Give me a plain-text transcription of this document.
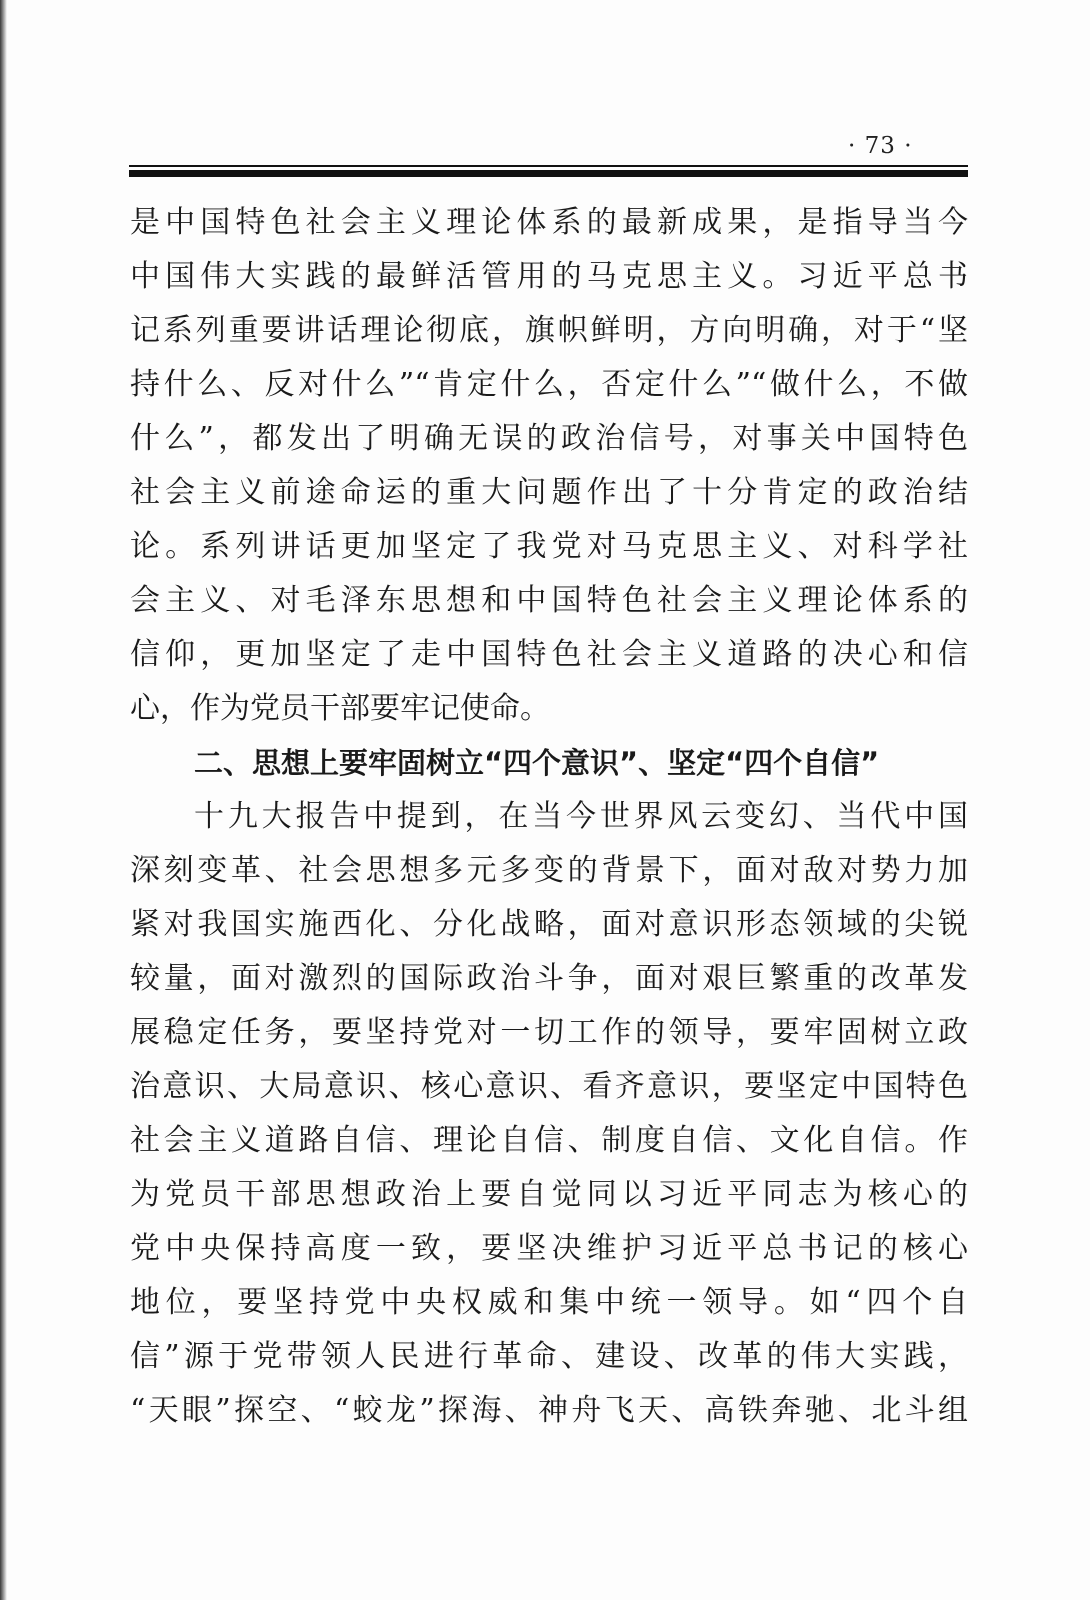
· 73 ·
是中国特色社会主义理论体系的最新成果，是指导当今
中国伟大实践的最鲜活管用的马克思主义。习近平总书
记系列重要讲话理论彻底，旗帜鲜明，方向明确，对于“坚
持什么、反对什么”“肯定什么，否定什么”“做什么，不做
什么”，都发出了明确无误的政治信号，对事关中国特色
社会主义前途命运的重大问题作出了十分肯定的政治结
论。系列讲话更加坚定了我党对马克思主义、对科学社
会主义、对毛泽东思想和中国特色社会主义理论体系的
信仰，更加坚定了走中国特色社会主义道路的决心和信
心，作为党员干部要牢记使命。
二、思想上要牢固树立“四个意识”、坚定“四个自信”
十九大报告中提到，在当今世界风云变幻、当代中国
深刻变革、社会思想多元多变的背景下，面对敌对势力加
紧对我国实施西化、分化战略，面对意识形态领域的尖锐
较量，面对激烈的国际政治斗争，面对艰巨繁重的改革发
展稳定任务，要坚持党对一切工作的领导，要牢固树立政
治意识、大局意识、核心意识、看齐意识，要坚定中国特色
社会主义道路自信、理论自信、制度自信、文化自信。作
为党员干部思想政治上要自觉同以习近平同志为核心的
党中央保持高度一致，要坚决维护习近平总书记的核心
地位，要坚持党中央权威和集中统一领导。如“四个自
信”源于党带领人民进行革命、建设、改革的伟大实践，
“天眼”探空、“蛟龙”探海、神舟飞天、高铁奔驰、北斗组
